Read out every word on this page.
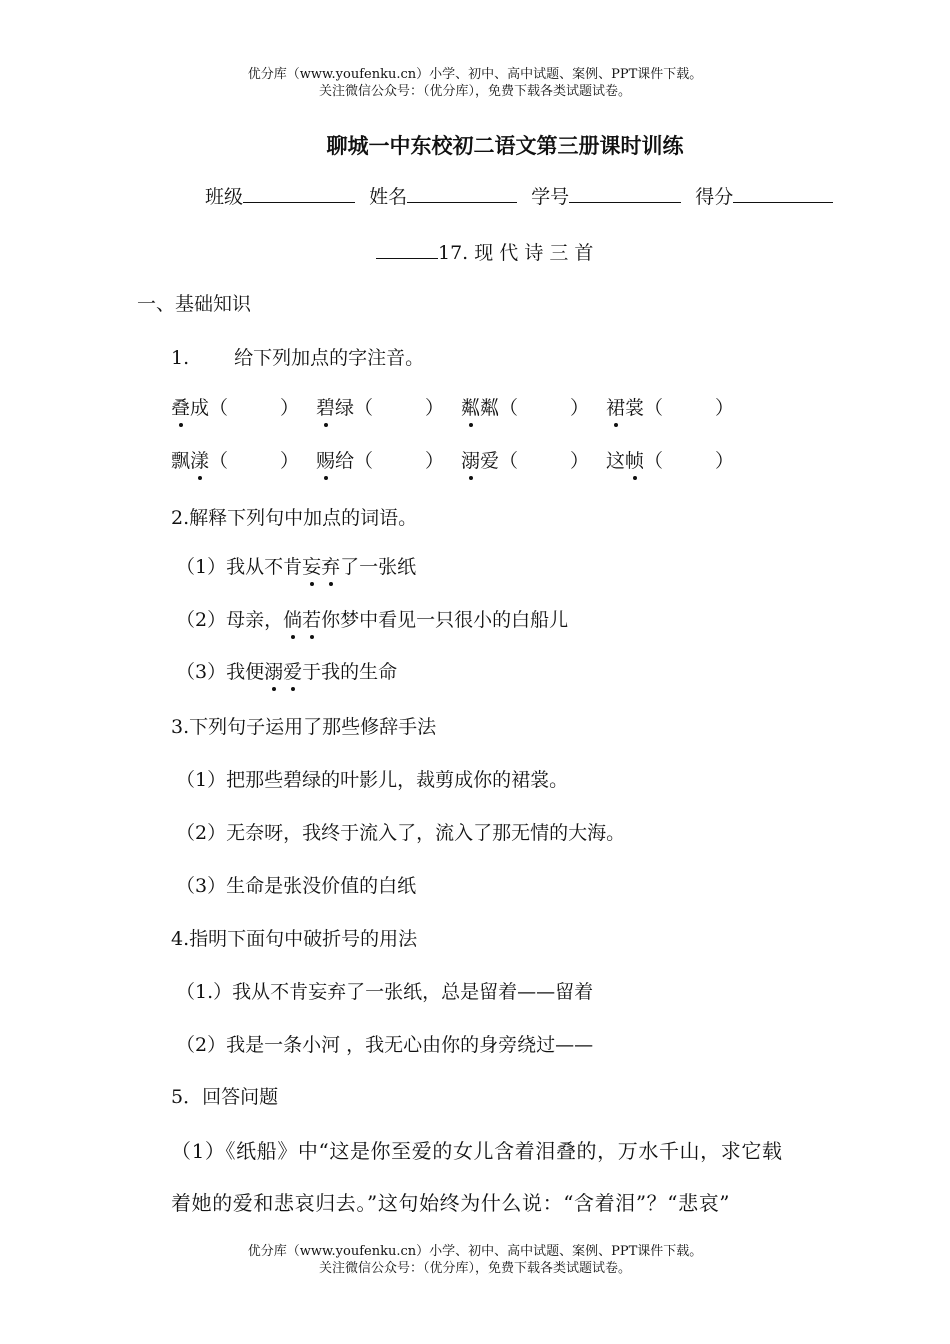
优分库（www.youfenku.cn）小学、初中、高中试题、案例、PPT课件下载。
关注微信公众号：（优分库），免费下载各类试题试卷。
聊城一中东校初二语文第三册课时训练
班级	姓名	学号	得分
17. 现 代 诗 三 首
一、基础知识
1. 给下列加点的字注音。
叠成（	） 碧绿（	） 粼粼（	） 裙裳（	）
飘漾（	） 赐给（	） 溺爱（	） 这帧（	）
2.解释下列句中加点的词语。
（1）我从不肯妄弃了一张纸
（2）母亲，倘若你梦中看见一只很小的白船儿
（3）我便溺爱于我的生命
3.下列句子运用了那些修辞手法
（1）把那些碧绿的叶影儿，裁剪成你的裙裳。
（2）无奈呀，我终于流入了，流入了那无情的大海。
（3）生命是张没价值的白纸
4.指明下面句中破折号的用法
（1.）我从不肯妄弃了一张纸，总是留着——留着
（2）我是一条小河 ，我无心由你的身旁绕过——
5．回答问题
（1）《纸船》中“这是你至爱的女儿含着泪叠的，万水千山，求它载
着她的爱和悲哀归去。”这句始终为什么说：“含着泪”？“悲哀”
优分库（www.youfenku.cn）小学、初中、高中试题、案例、PPT课件下载。
关注微信公众号：（优分库），免费下载各类试题试卷。
